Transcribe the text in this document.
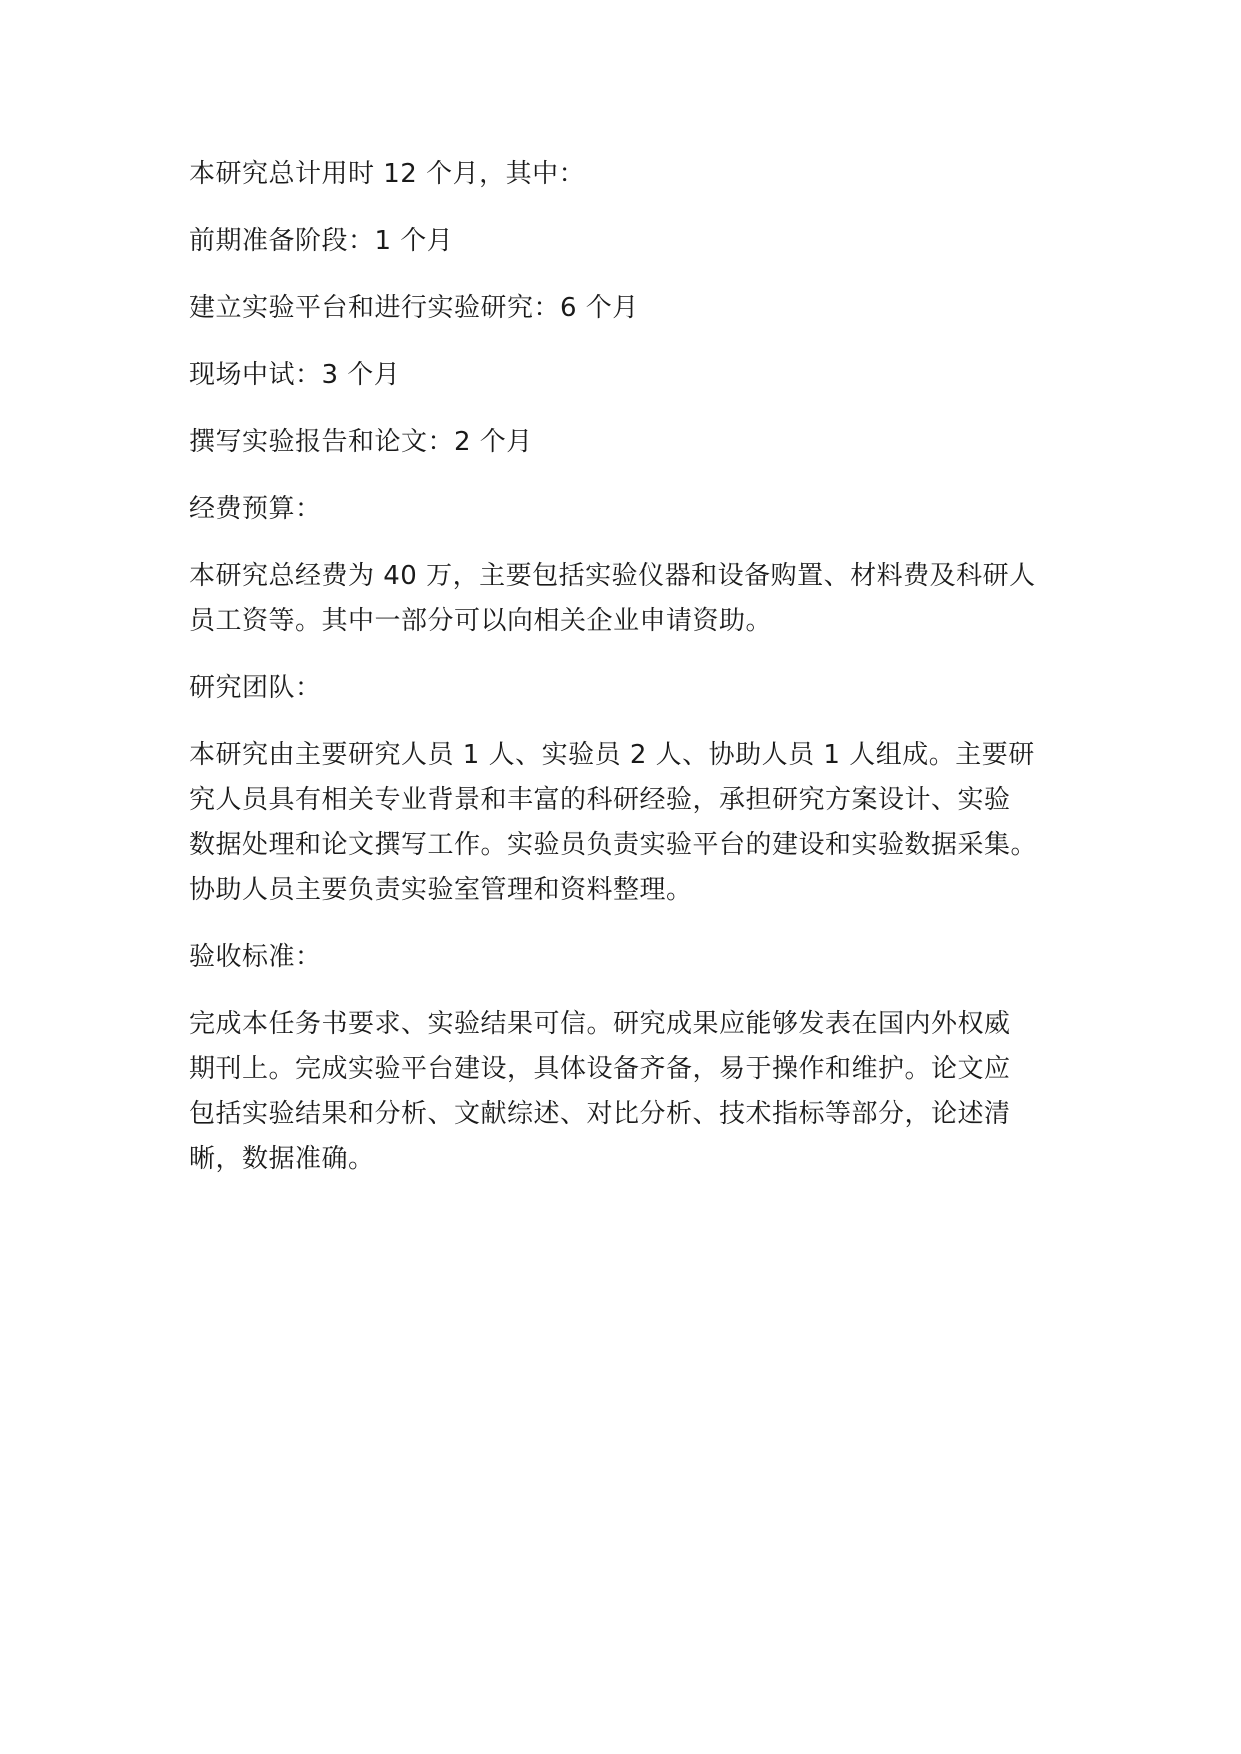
本研究总计用时 12 个月，其中：

前期准备阶段：1 个月

建立实验平台和进行实验研究：6 个月

现场中试：3 个月

撰写实验报告和论文：2 个月

经费预算：

本研究总经费为 40 万，主要包括实验仪器和设备购置、材料费及科研人
员工资等。其中一部分可以向相关企业申请资助。

研究团队：

本研究由主要研究人员 1 人、实验员 2 人、协助人员 1 人组成。主要研
究人员具有相关专业背景和丰富的科研经验，承担研究方案设计、实验
数据处理和论文撰写工作。实验员负责实验平台的建设和实验数据采集。
协助人员主要负责实验室管理和资料整理。

验收标准：

完成本任务书要求、实验结果可信。研究成果应能够发表在国内外权威
期刊上。完成实验平台建设，具体设备齐备，易于操作和维护。论文应
包括实验结果和分析、文献综述、对比分析、技术指标等部分，论述清
晰，数据准确。
